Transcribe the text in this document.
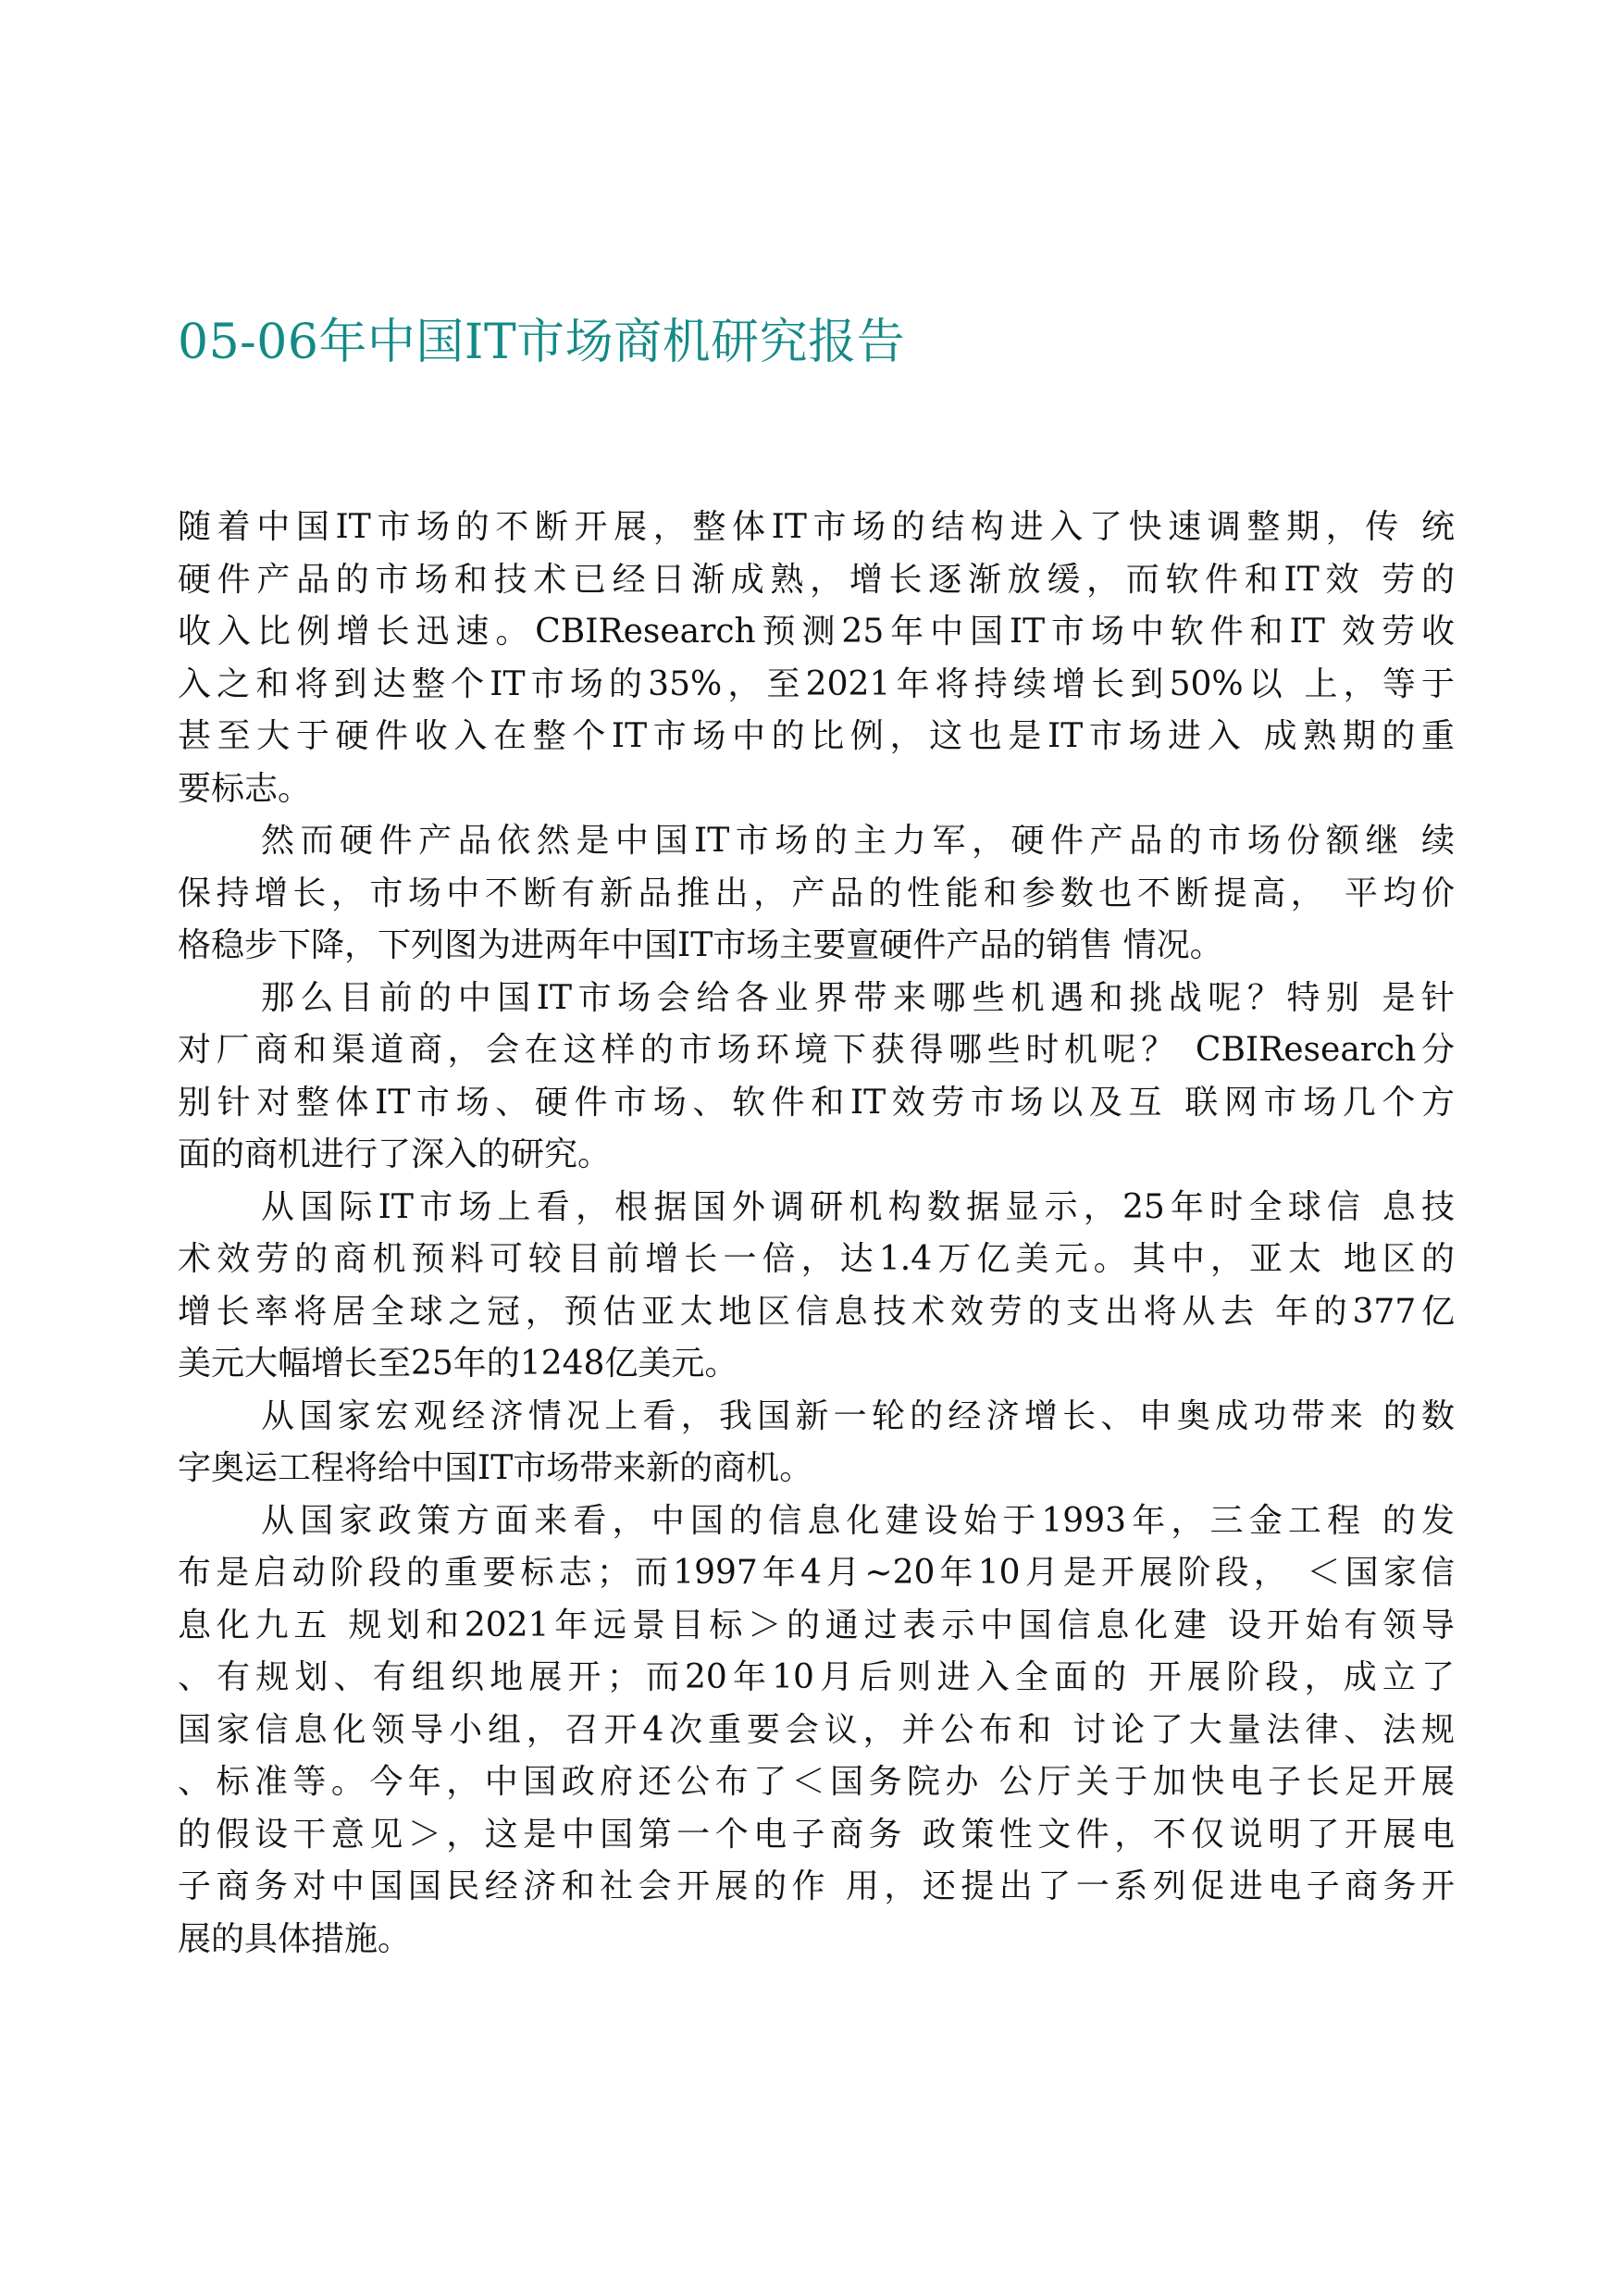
05-06年中国IT市场商机研究报告
随着中国IT市场的不断开展，整体IT市场的结构进入了快速调整期，传 统
硬件产品的市场和技术已经日渐成熟，增长逐渐放缓，而软件和IT效 劳的
收入比例增长迅速。CBIResearch预测25年中国IT市场中软件和IT 效劳收
入之和将到达整个IT市场的35%，至2021年将持续增长到50%以 上，等于
甚至大于硬件收入在整个IT市场中的比例，这也是IT市场进入 成熟期的重
要标志。
然而硬件产品依然是中国IT市场的主力军，硬件产品的市场份额继 续
保持增长，市场中不断有新品推出，产品的性能和参数也不断提高， 平均价
格稳步下降，下列图为进两年中国IT市场主要亶硬件产品的销售 情况。
那么目前的中国IT市场会给各业界带来哪些机遇和挑战呢？特别 是针
对厂商和渠道商，会在这样的市场环境下获得哪些时机呢？ CBIResearch分
别针对整体IT市场、硬件市场、软件和IT效劳市场以及互 联网市场几个方
面的商机进行了深入的研究。
从国际IT市场上看，根据国外调研机构数据显示，25年时全球信 息技
术效劳的商机预料可较目前增长一倍，达1.4万亿美元。其中，亚太 地区的
增长率将居全球之冠，预估亚太地区信息技术效劳的支出将从去 年的377亿
美元大幅增长至25年的1248亿美元。
从国家宏观经济情况上看，我国新一轮的经济增长、申奥成功带来 的数
字奥运工程将给中国IT市场带来新的商机。
从国家政策方面来看，中国的信息化建设始于1993年，三金工程 的发
布是启动阶段的重要标志；而1997年4月~20年10月是开展阶段， ＜国家信
息化九五 规划和2021年远景目标＞的通过表示中国信息化建 设开始有领导
、有规划、有组织地展开；而20年10月后则进入全面的 开展阶段，成立了
国家信息化领导小组，召开4次重要会议，并公布和 讨论了大量法律、法规
、标准等。今年，中国政府还公布了＜国务院办 公厅关于加快电子长足开展
的假设干意见＞，这是中国第一个电子商务 政策性文件，不仅说明了开展电
子商务对中国国民经济和社会开展的作 用，还提出了一系列促进电子商务开
展的具体措施。
